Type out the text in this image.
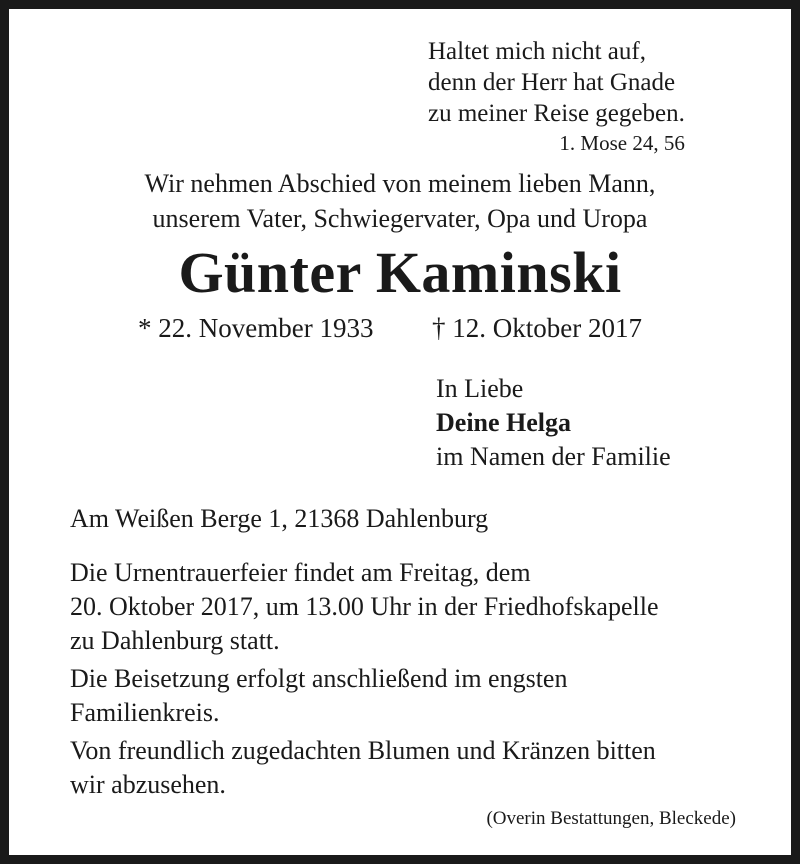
Haltet mich nicht auf,
denn der Herr hat Gnade
zu meiner Reise gegeben.
1. Mose 24, 56
Wir nehmen Abschied von meinem lieben Mann,
unserem Vater, Schwiegervater, Opa und Uropa
Günter Kaminski
* 22. November 1933 † 12. Oktober 2017
In Liebe
Deine Helga
im Namen der Familie
Am Weißen Berge 1, 21368 Dahlenburg
Die Urnentrauerfeier findet am Freitag, dem
20. Oktober 2017, um 13.00 Uhr in der Friedhofskapelle
zu Dahlenburg statt.
Die Beisetzung erfolgt anschließend im engsten
Familienkreis.
Von freundlich zugedachten Blumen und Kränzen bitten
wir abzusehen.
(Overin Bestattungen, Bleckede)
